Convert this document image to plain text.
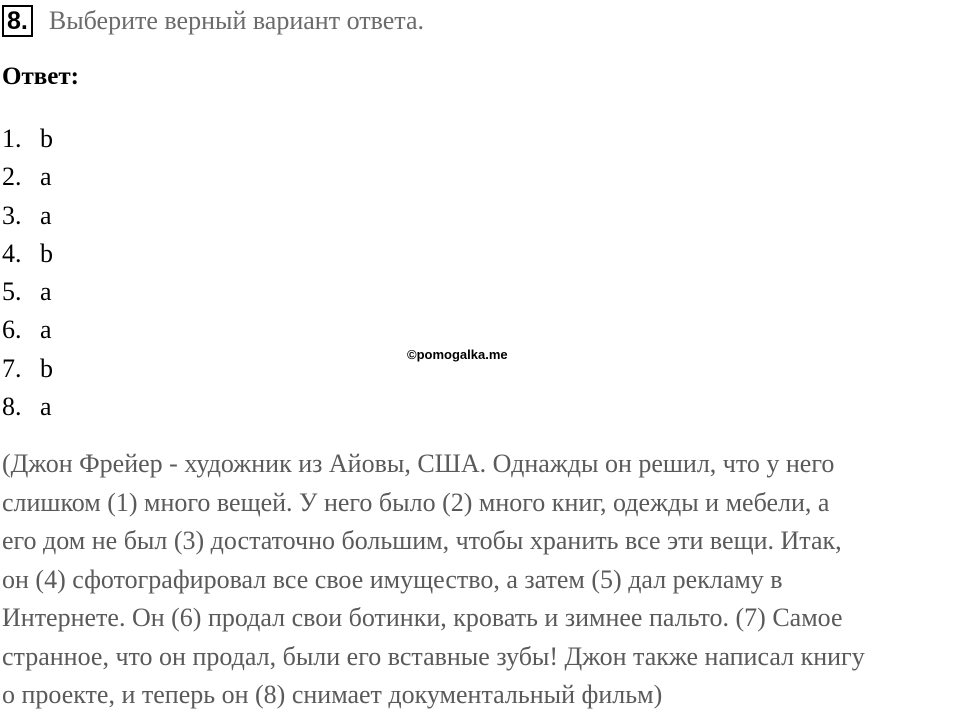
8. Выберите верный вариант ответа.
Ответ:
1. b
2. a
3. a
4. b
5. a
6. a
7. b
8. a
©pomogalka.me
(Джон Фрейер - художник из Айовы, США. Однажды он решил, что у него
слишком (1) много вещей. У него было (2) много книг, одежды и мебели, а
его дом не был (3) достаточно большим, чтобы хранить все эти вещи. Итак,
он (4) сфотографировал все свое имущество, а затем (5) дал рекламу в
Интернете. Он (6) продал свои ботинки, кровать и зимнее пальто. (7) Самое
странное, что он продал, были его вставные зубы! Джон также написал книгу
о проекте, и теперь он (8) снимает документальный фильм)
